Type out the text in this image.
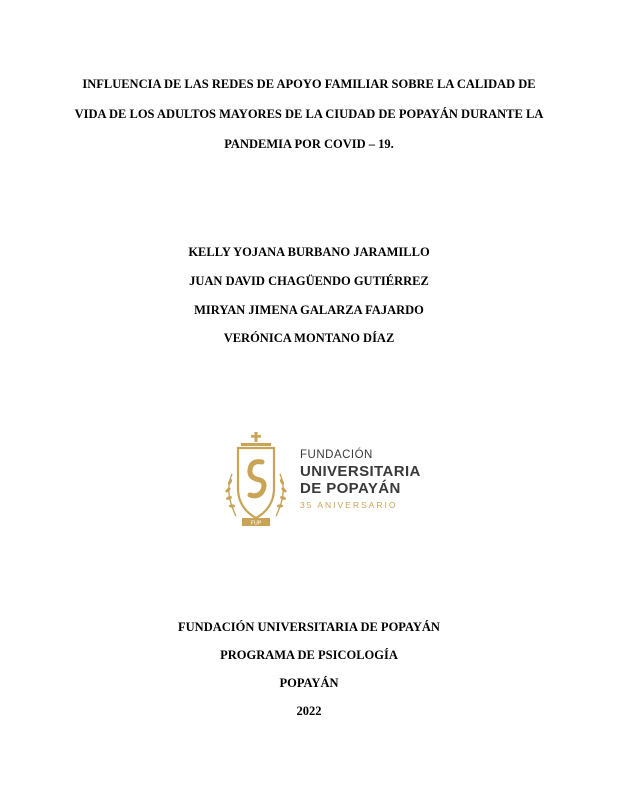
INFLUENCIA DE LAS REDES DE APOYO FAMILIAR SOBRE LA CALIDAD DE
VIDA DE LOS ADULTOS MAYORES DE LA CIUDAD DE POPAYÁN DURANTE LA
PANDEMIA POR COVID – 19.
KELLY YOJANA BURBANO JARAMILLO
JUAN DAVID CHAGÜENDO GUTIÉRREZ
MIRYAN JIMENA GALARZA FAJARDO
VERÓNICA MONTANO DÍAZ
FUP
FUNDACIÓN
UNIVERSITARIA
DE POPAYÁN
35 ANIVERSARIO
FUNDACIÓN UNIVERSITARIA DE POPAYÁN
PROGRAMA DE PSICOLOGÍA
POPAYÁN
2022
